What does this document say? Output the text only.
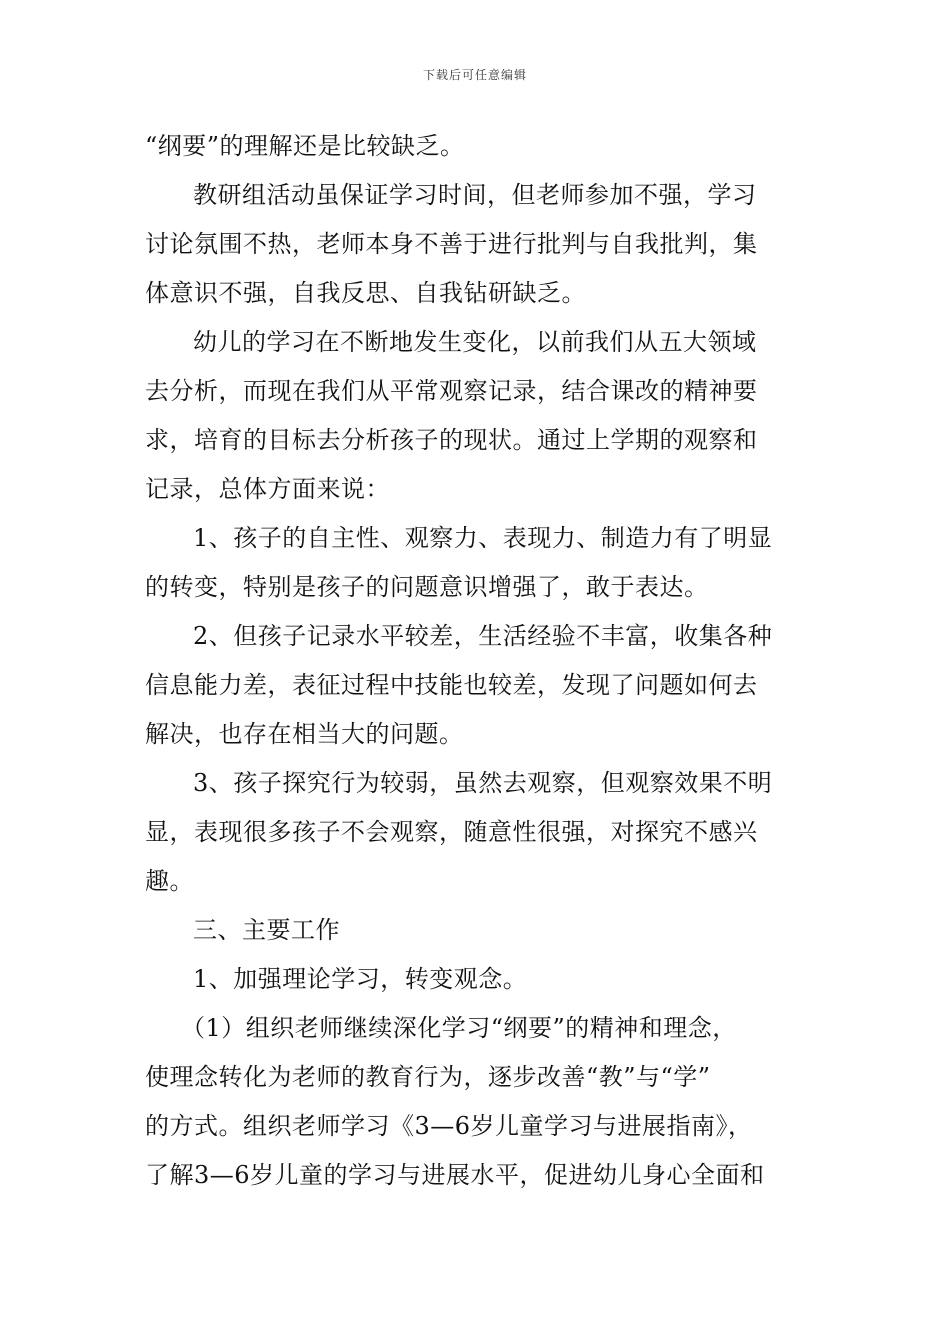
下载后可任意编辑
“纲要”的理解还是比较缺乏。
教研组活动虽保证学习时间，但老师参加不强，学习
讨论氛围不热，老师本身不善于进行批判与自我批判，集
体意识不强，自我反思、自我钻研缺乏。
幼儿的学习在不断地发生变化，以前我们从五大领域
去分析，而现在我们从平常观察记录，结合课改的精神要
求，培育的目标去分析孩子的现状。通过上学期的观察和
记录，总体方面来说：
1、孩子的自主性、观察力、表现力、制造力有了明显
的转变，特别是孩子的问题意识增强了，敢于表达。
2、但孩子记录水平较差，生活经验不丰富，收集各种
信息能力差，表征过程中技能也较差，发现了问题如何去
解决，也存在相当大的问题。
3、孩子探究行为较弱，虽然去观察，但观察效果不明
显，表现很多孩子不会观察，随意性很强，对探究不感兴
趣。
三、主要工作
1、加强理论学习，转变观念。
（1）组织老师继续深化学习“纲要”的精神和理念，
使理念转化为老师的教育行为，逐步改善“教”与“学”
的方式。组织老师学习《3—6岁儿童学习与进展指南》，
了解3—6岁儿童的学习与进展水平，促进幼儿身心全面和
